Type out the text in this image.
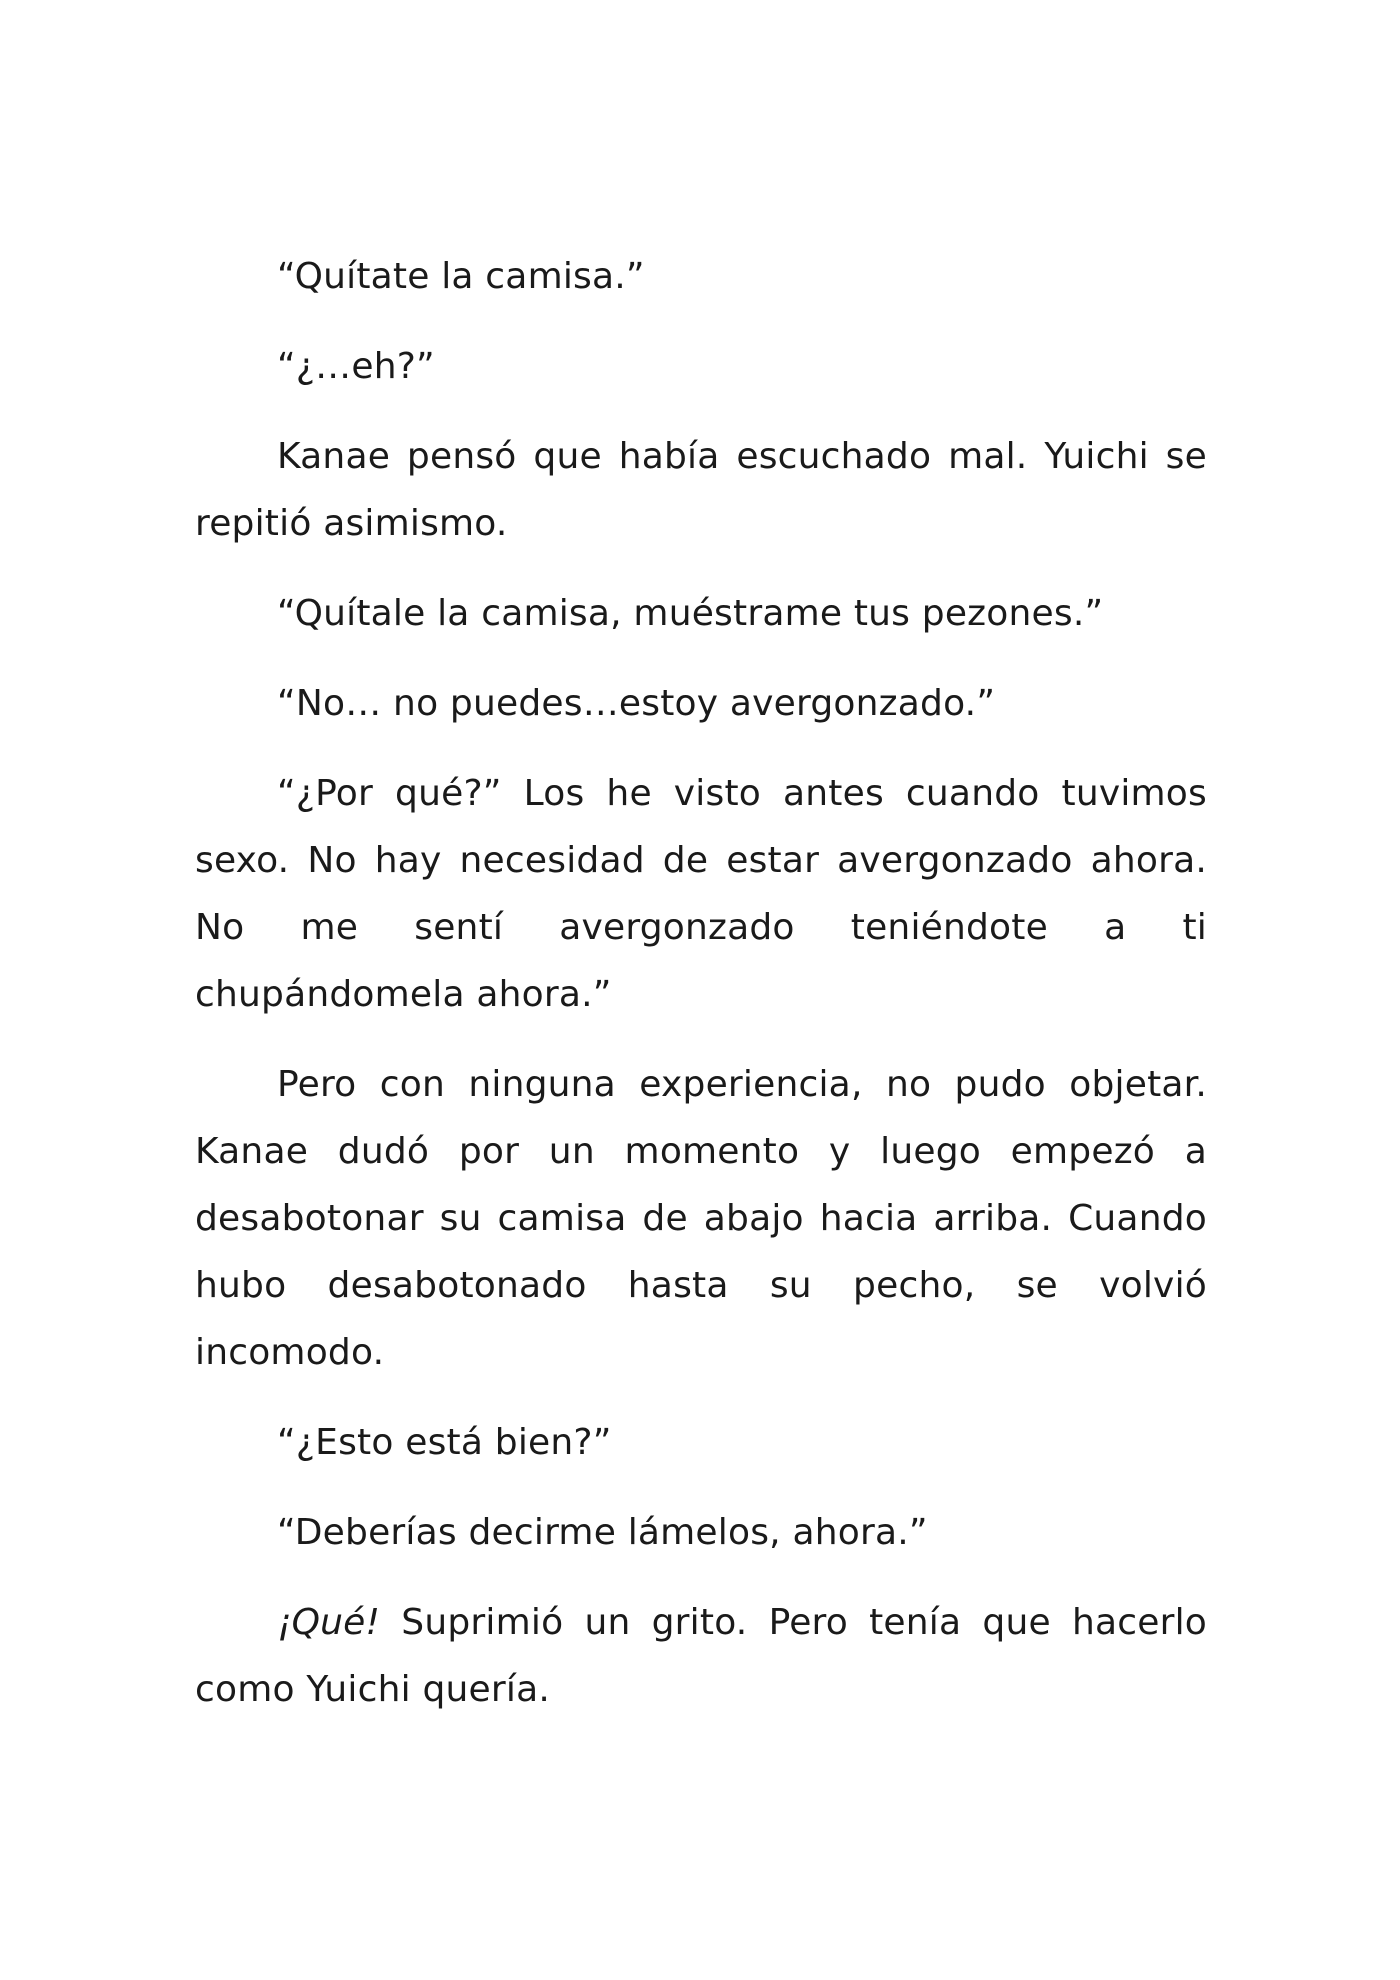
“Quítate la camisa.”

“¿…eh?”

Kanae pensó que había escuchado mal. Yuichi se repitió asimismo.

“Quítale la camisa, muéstrame tus pezones.”

“No… no puedes…estoy avergonzado.”

“¿Por qué?” Los he visto antes cuando tuvimos sexo. No hay necesidad de estar avergonzado ahora. No me sentí avergonzado teniéndote a ti chupándomela ahora.”

Pero con ninguna experiencia, no pudo objetar. Kanae dudó por un momento y luego empezó a desabotonar su camisa de abajo hacia arriba. Cuando hubo desabotonado hasta su pecho, se volvió incomodo.

“¿Esto está bien?”

“Deberías decirme lámelos, ahora.”

¡Qué! Suprimió un grito. Pero tenía que hacerlo como Yuichi quería.
